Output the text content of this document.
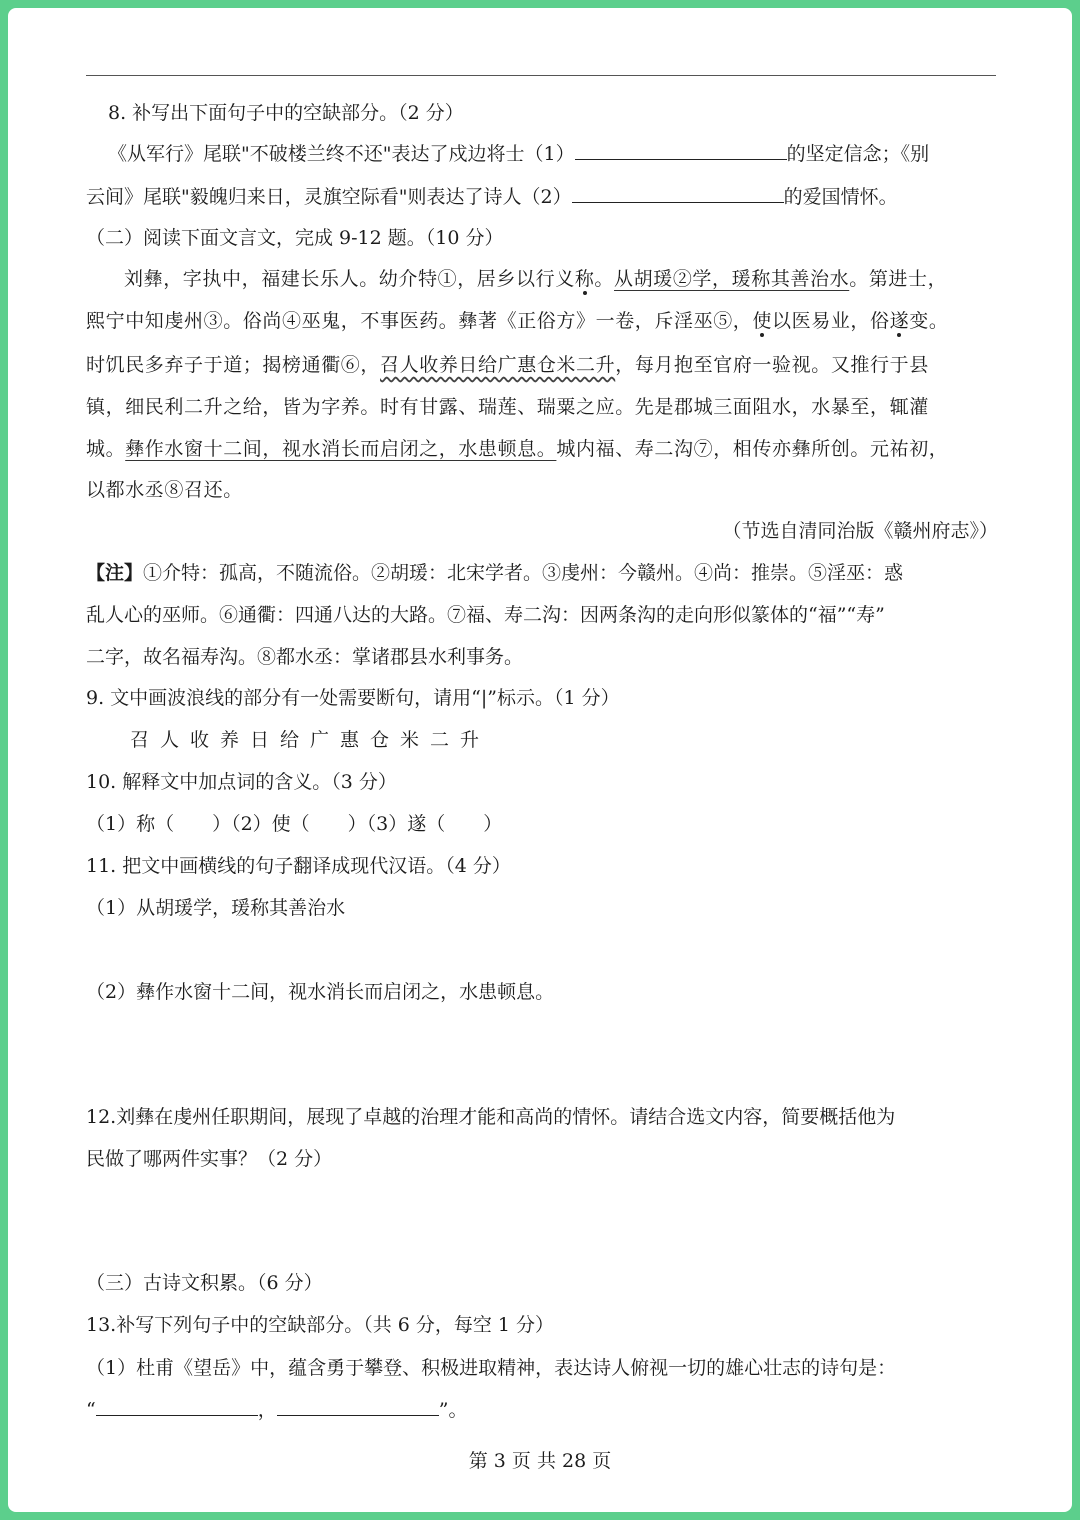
8. 补写出下面句子中的空缺部分。（2 分）
《从军行》尾联"不破楼兰终不还"表达了戍边将士（1）	的坚定信念；《别
云间》尾联"毅魄归来日，灵旗空际看"则表达了诗人（2）	的爱国情怀。
（二）阅读下面文言文，完成 9-12 题。（10 分）
刘彝，字执中，福建长乐人。幼介特①，居乡以行义称。从胡瑗②学，瑗称其善治水。第进士，
熙宁中知虔州③。俗尚④巫鬼，不事医药。彝著《正俗方》一卷，斥淫巫⑤，使以医易业，俗遂变。
时饥民多弃子于道；揭榜通衢⑥，召人收养日给广惠仓米二升，每月抱至官府一验视。又推行于县
镇，细民利二升之给，皆为字养。时有甘露、瑞莲、瑞粟之应。先是郡城三面阻水，水暴至，辄灌
城。彝作水窗十二间，视水消长而启闭之，水患顿息。城内福、寿二沟⑦，相传亦彝所创。元祐初，
以都水丞⑧召还。
（节选自清同治版《赣州府志》）
【注】①介特：孤高，不随流俗。②胡瑗：北宋学者。③虔州：今赣州。④尚：推崇。⑤淫巫：惑
乱人心的巫师。⑥通衢：四通八达的大路。⑦福、寿二沟：因两条沟的走向形似篆体的“福”“寿”
二字，故名福寿沟。⑧都水丞：掌诸郡县水利事务。
9. 文中画波浪线的部分有一处需要断句，请用“|”标示。（1 分）
召人收养日给广惠仓米二升
10. 解释文中加点词的含义。（3 分）
（1）称（　　）（2）使（　　）（3）遂（　　）
11. 把文中画横线的句子翻译成现代汉语。（4 分）
（1）从胡瑗学，瑗称其善治水
（2）彝作水窗十二间，视水消长而启闭之，水患顿息。
12.刘彝在虔州任职期间，展现了卓越的治理才能和高尚的情怀。请结合选文内容，简要概括他为
民做了哪两件实事？（2 分）
（三）古诗文积累。（6 分）
13.补写下列句子中的空缺部分。（共 6 分，每空 1 分）
（1）杜甫《望岳》中，蕴含勇于攀登、积极进取精神，表达诗人俯视一切的雄心壮志的诗句是：
“	，	”。
第 3 页 共 28 页
